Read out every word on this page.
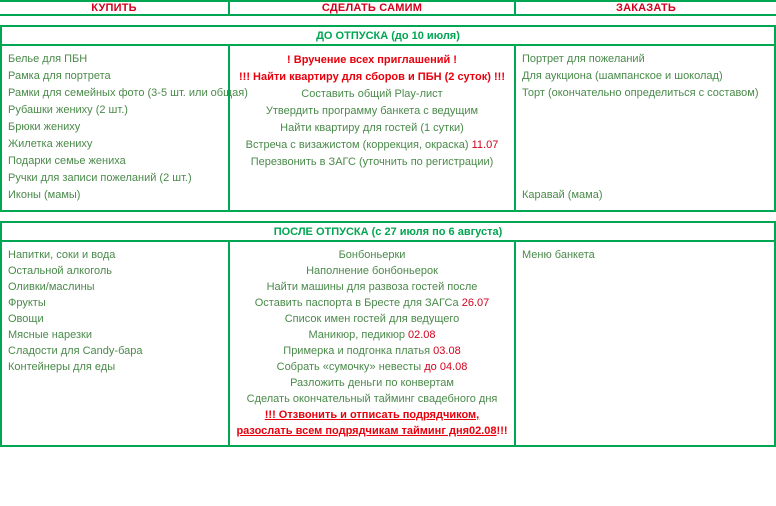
КУПИТЬ	СДЕЛАТЬ САМИМ	ЗАКАЗАТЬ
ДО ОТПУСКА (до 10 июля)
Белье для ПБН
Рамка для портрета
Рамки для семейных фото (3-5 шт. или общая)
Рубашки жениху (2 шт.)
Брюки жениху
Жилетка жениху
Подарки семье жениха
Ручки для записи пожеланий (2 шт.)
Иконы (мамы)
! Вручение всех приглашений !
!!! Найти квартиру для сборов и ПБН (2 суток) !!!
Составить общий Play-лист
Утвердить программу банкета с ведущим
Найти квартиру для гостей (1 сутки)
Встреча с визажистом (коррекция, окраска) 11.07
Перезвонить в ЗАГС (уточнить по регистрации)
Портрет для пожеланий
Для аукциона (шампанское и шоколад)
Торт (окончательно определиться с составом)
Каравай (мама)
ПОСЛЕ ОТПУСКА (с 27 июля по 6 августа)
Напитки, соки и вода
Остальной алкоголь
Оливки/маслины
Фрукты
Овощи
Мясные нарезки
Сладости для Candy-бара
Контейнеры для еды
Бонбоньерки
Наполнение бонбоньерок
Найти машины для развоза гостей после
Оставить паспорта в Бресте для ЗАГСа 26.07
Список имен гостей для ведущего
Маникюр, педикюр 02.08
Примерка и подгонка платья 03.08
Собрать «сумочку» невесты до 04.08
Разложить деньги по конвертам
Сделать окончательный тайминг свадебного дня
!!! Отзвонить и отписать подрядчиком,
разослать всем подрядчикам тайминг дня02.08!!!
Меню банкета
